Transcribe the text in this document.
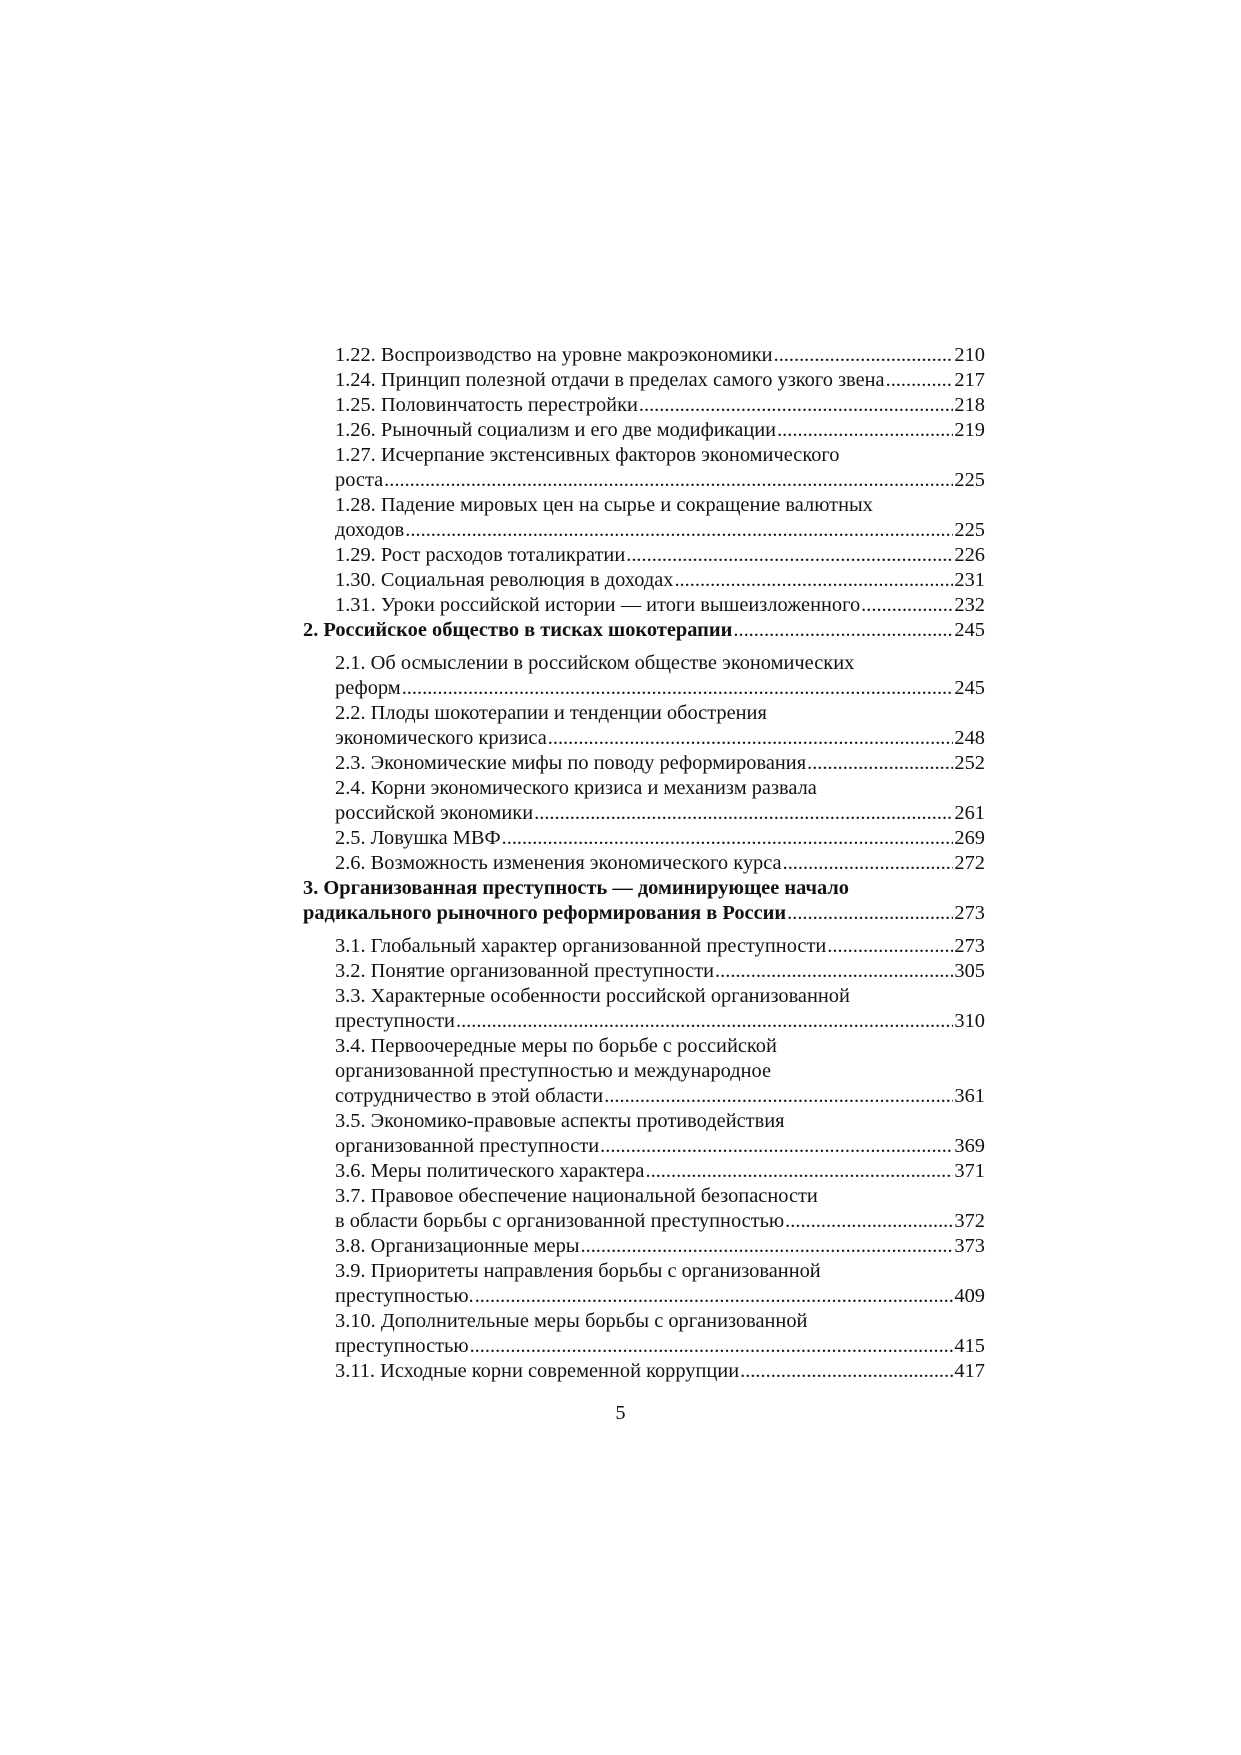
1.22. Воспроизводство на уровне макроэкономики .....	210
1.24. Принцип полезной отдачи в пределах самого узкого звена .....	217
1.25. Половинчатость перестройки .....	218
1.26. Рыночный социализм и его две модификации .....	219
1.27. Исчерпание экстенсивных факторов экономического
роста .....	225
1.28. Падение мировых цен на сырье и сокращение валютных
доходов .....	225
1.29. Рост расходов тоталикратии .....	226
1.30. Социальная революция в доходах .....	231
1.31. Уроки российской истории — итоги вышеизложенного .....	232
2. Российское общество в тисках шокотерапии .....	245
2.1. Об осмыслении в российском обществе экономических
реформ .....	245
2.2. Плоды шокотерапии и тенденции обострения
экономического кризиса .....	248
2.3. Экономические мифы по поводу реформирования .....	252
2.4. Корни экономического кризиса и механизм развала
российской экономики .....	261
2.5. Ловушка МВФ .....	269
2.6. Возможность изменения экономического курса .....	272
3. Организованная преступность — доминирующее начало
радикального рыночного реформирования в России .....	273
3.1. Глобальный характер организованной преступности .....	273
3.2. Понятие организованной преступности .....	305
3.3. Характерные особенности российской организованной
преступности .....	310
3.4. Первоочередные меры по борьбе с российской
организованной преступностью и международное
сотрудничество в этой области .....	361
3.5. Экономико-правовые аспекты противодействия
организованной преступности .....	369
3.6. Меры политического характера .....	371
3.7. Правовое обеспечение национальной безопасности
в области борьбы с организованной преступностью .....	372
3.8. Организационные меры .....	373
3.9. Приоритеты направления борьбы с организованной
преступностью. .....	409
3.10. Дополнительные меры борьбы с организованной
преступностью .....	415
3.11. Исходные корни современной коррупции .....	417
5
